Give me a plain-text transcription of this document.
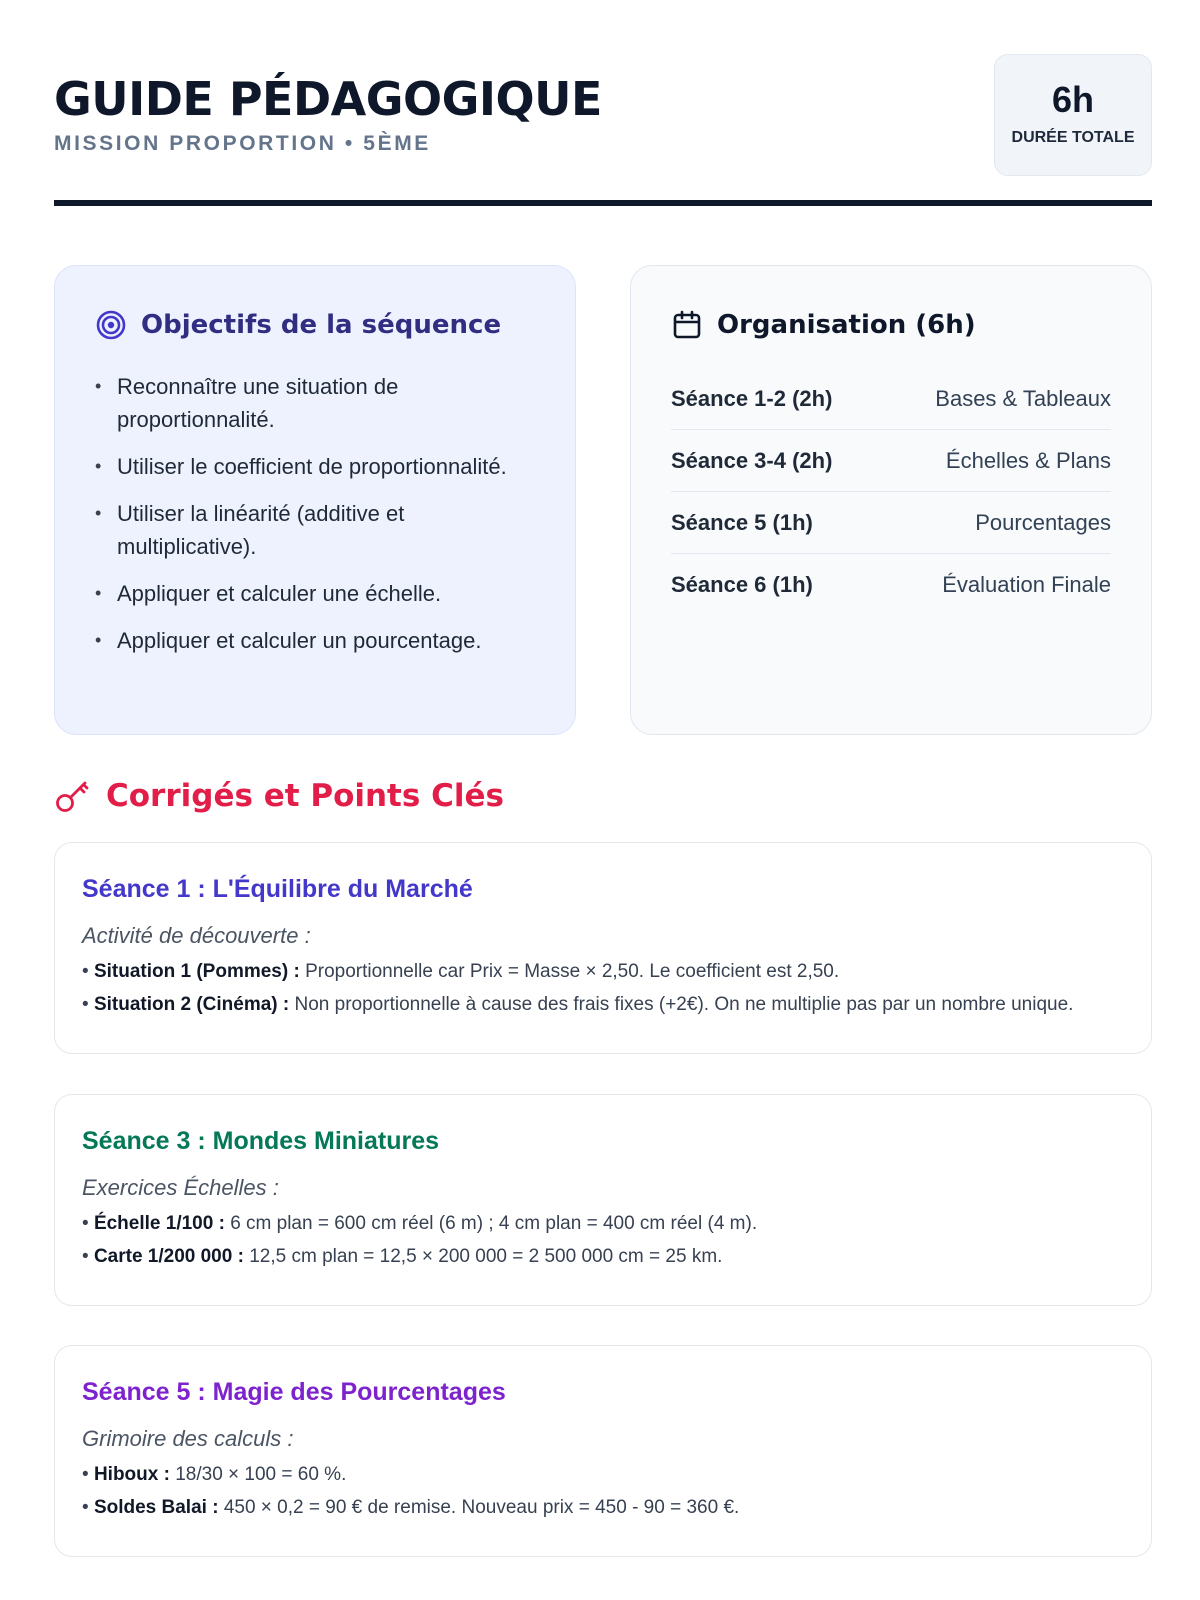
GUIDE PÉDAGOGIQUE
MISSION PROPORTION • 5ÈME
6h
DURÉE TOTALE
Objectifs de la séquence
• Reconnaître une situation de proportionnalité.
• Utiliser le coefficient de proportionnalité.
• Utiliser la linéarité (additive et multiplicative).
• Appliquer et calculer une échelle.
• Appliquer et calculer un pourcentage.
Organisation (6h)
Séance 1-2 (2h)	Bases & Tableaux
Séance 3-4 (2h)	Échelles & Plans
Séance 5 (1h)	Pourcentages
Séance 6 (1h)	Évaluation Finale
Corrigés et Points Clés
Séance 1 : L'Équilibre du Marché
Activité de découverte :
• Situation 1 (Pommes) : Proportionnelle car Prix = Masse × 2,50. Le coefficient est 2,50.
• Situation 2 (Cinéma) : Non proportionnelle à cause des frais fixes (+2€). On ne multiplie pas par un nombre unique.
Séance 3 : Mondes Miniatures
Exercices Échelles :
• Échelle 1/100 : 6 cm plan = 600 cm réel (6 m) ; 4 cm plan = 400 cm réel (4 m).
• Carte 1/200 000 : 12,5 cm plan = 12,5 × 200 000 = 2 500 000 cm = 25 km.
Séance 5 : Magie des Pourcentages
Grimoire des calculs :
• Hiboux : 18/30 × 100 = 60 %.
• Soldes Balai : 450 × 0,2 = 90 € de remise. Nouveau prix = 450 - 90 = 360 €.
